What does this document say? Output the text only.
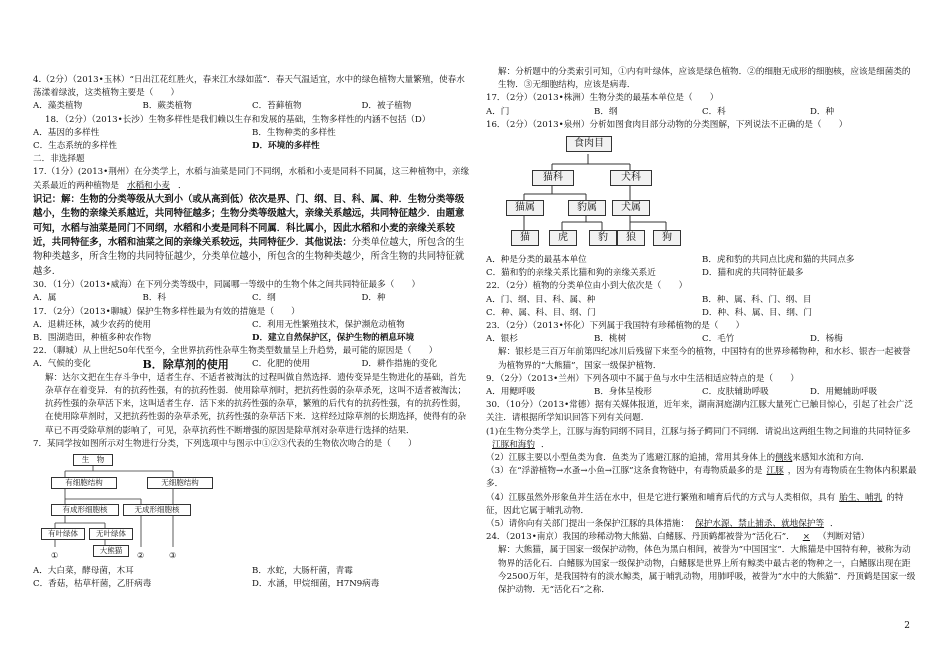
4.（2分）（2013•玉林）“日出江花红胜火，春来江水绿如蓝”．春天气温适宜，水中的绿色植物大量繁殖，使春水荡漾着绿波，这类植物主要是（　　）

A．藻类植物	B．蕨类植物	C．苔藓植物	D．被子植物

18．（2分）（2013•长沙）生物多样性是我们赖以生存和发展的基础，生物多样性的内涵不包括（D）

A．基因的多样性	B．生物种类的多样性
C．生态系统的多样性	D．环境的多样性

二．非选择题

17.（1分）(2013•荆州）在分类学上，水稻与油菜是同门不同纲，水稻和小麦是同科不同属，这三种植物中，亲缘关系最近的两种植物是 水稻和小麦 ．

识记：解：生物的分类等级从大到小（或从高到低）依次是界、门、纲、目、科、属、种．生物分类等级越小，生物的亲缘关系越近，共同特征越多；生物分类等级越大，亲缘关系越远，共同特征越少．由题意可知，水稻与油菜是同门不同纲，水稻和小麦是同科不同属．科比属小，因此水稻和小麦的亲缘关系较近，共同特征多，水稻和油菜之间的亲缘关系较远，共同特征少．其他说法：分类单位越大，所包含的生物种类越多，所含生物的共同特征越少，分类单位越小，所包含的生物种类越少，所含生物的共同特征就越多.

30．（1分）（2013•威海）在下列分类等级中，同属哪一等级中的生物个体之间共同特征最多（　　）

A．属	B．科	C．纲	D．种

17．（2分）（2013•聊城）保护生物多样性最为有效的措施是（　　）

A．退耕还林，减少农药的使用	C．利用无性繁殖技术，保护濒危动植物
B．围湖造田，种植多种农作物	D．建立自然保护区，保护生物的栖息环境

22．（聊城）从上世纪50年代至今，全世界抗药性杂草生物类型数量呈上升趋势，最可能的原因是（　　）

A．气候的变化	B．除草剂的使用	C．化肥的使用	D．耕作措施的变化

解：达尔文把在生存斗争中，适者生存、不适者被淘汰的过程叫做自然选择．遗传变异是生物进化的基础，首先杂草存在着变异．有的抗药性强，有的抗药性弱．使用除草剂时，把抗药性弱的杂草杀死，这叫不适者被淘汰；抗药性强的杂草活下来，这叫适者生存．活下来的抗药性强的杂草，繁殖的后代有的抗药性强，有的抗药性弱，在使用除草剂时，又把抗药性弱的杂草杀死，抗药性强的杂草活下来．这样经过除草剂的长期选择，使得有的杂草已不再受除草剂的影响了，可见，杂草抗药性不断增强的原因是除草剂对杂草进行选择的结果．

7．某同学按如图所示对生物进行分类，下列选项中与图示中①②③代表的生物依次吻合的是（　　）

生　物
有细胞结构	无细胞结构
有成形细胞核	无成形细胞核
有叶绿体	无叶绿体
大熊猫
①	②	③
A．大白菜，酵母菌，木耳	B．水蛇，大肠杆菌，青霉
C．香菇，枯草杆菌，乙肝病毒	D．水涵，甲烷细菌，H7N9病毒

解：分析题中的分类索引可知，①内有叶绿体，应该是绿色植物．②的细胞无成形的细胞核，应该是细菌类的生物．③无细胞结构，应该是病毒．

17．（2分）（2013•株洲）生物分类的最基本单位是（　　）

A．门	B．纲	C．科	D．种

16．（2分）（2013•泉州）分析如图食肉目部分动物的分类图解，下列说法不正确的是（　　）

食肉目
猫科	犬科
猫属	豹属	犬属
猫	虎	豹	狼	狗
A．种是分类的最基本单位	B．虎和豹的共同点比虎和猫的共同点多
C．猫和豹的亲缘关系比猫和狗的亲缘关系近	D．猫和虎的共同特征最多

22．（2分）植物的分类单位由小到大依次是（　　）

A．门、纲、目、科、属、种	B．种、属、科、门、纲、目
C．种、属、科、目、纲、门	D．种、科、属、目、纲、门

23．（2分）（2013•怀化）下列属于我国特有珍稀植物的是（　　）

A．银杉	B．桃树	C．毛竹	D．杨梅

解：银杉是三百万年前第四纪冰川后残留下来至今的植物，中国特有的世界珍稀物种，和水杉、银杏一起被誉为植物界的“大熊猫”，国家一级保护植物．

9．（2分）（2013•兰州）下列各项中不属于鱼与水中生活相适应特点的是（　　）

A．用鳃呼吸	B．身体呈梭形	C．皮肤辅助呼吸	D．用鳃辅助呼吸

30．（10分）（2013•常德）据有关媒体报道，近年来，湖南洞庭湖内江豚大量死亡已触目惊心，引起了社会广泛关注．请根据所学知识回答下列有关问题．

(1)在生物分类学上，江豚与海豹同纲不同目，江豚与扬子鳄同门不同纲．请说出这两组生物之间谁的共同特征多江豚和海豹 ．

（2）江豚主要以小型鱼类为食．鱼类为了逃避江豚的追捕，常用其身体上的侧线来感知水流和方向．

（3）在“浮游植物→水蚤→小鱼→江豚”这条食物链中，有毒物质最多的是 江豚 ，因为有毒物质在生物体内积累最多．

（4）江豚虽然外形象鱼并生活在水中，但是它进行繁殖和哺育后代的方式与人类相似，具有 胎生、哺乳 的特征，因此它属于哺乳动物．

（5）请你向有关部门提出一条保护江豚的具体措施： 保护水源、禁止捕杀、就地保护等 ．

24．（2013•南京）我国的珍稀动物大熊猫、白鳍豚、丹顶鹤都被誉为“活化石”． × （判断对错）

解：大熊猫，属于国家一级保护动物，体色为黑白相间，被誉为“中国国宝”．大熊猫是中国特有种，被称为动物界的活化石．白鳍豚为国家一级保护动物，白鳍豚是世界上所有鲸类中最古老的物种之一，白鳍豚出现在距今2500万年，是我国特有的淡水鲸类，属于哺乳动物，用肺呼吸，被誉为“水中的大熊猫”．丹顶鹤是国家一级保护动物．无“活化石”之称．

2
